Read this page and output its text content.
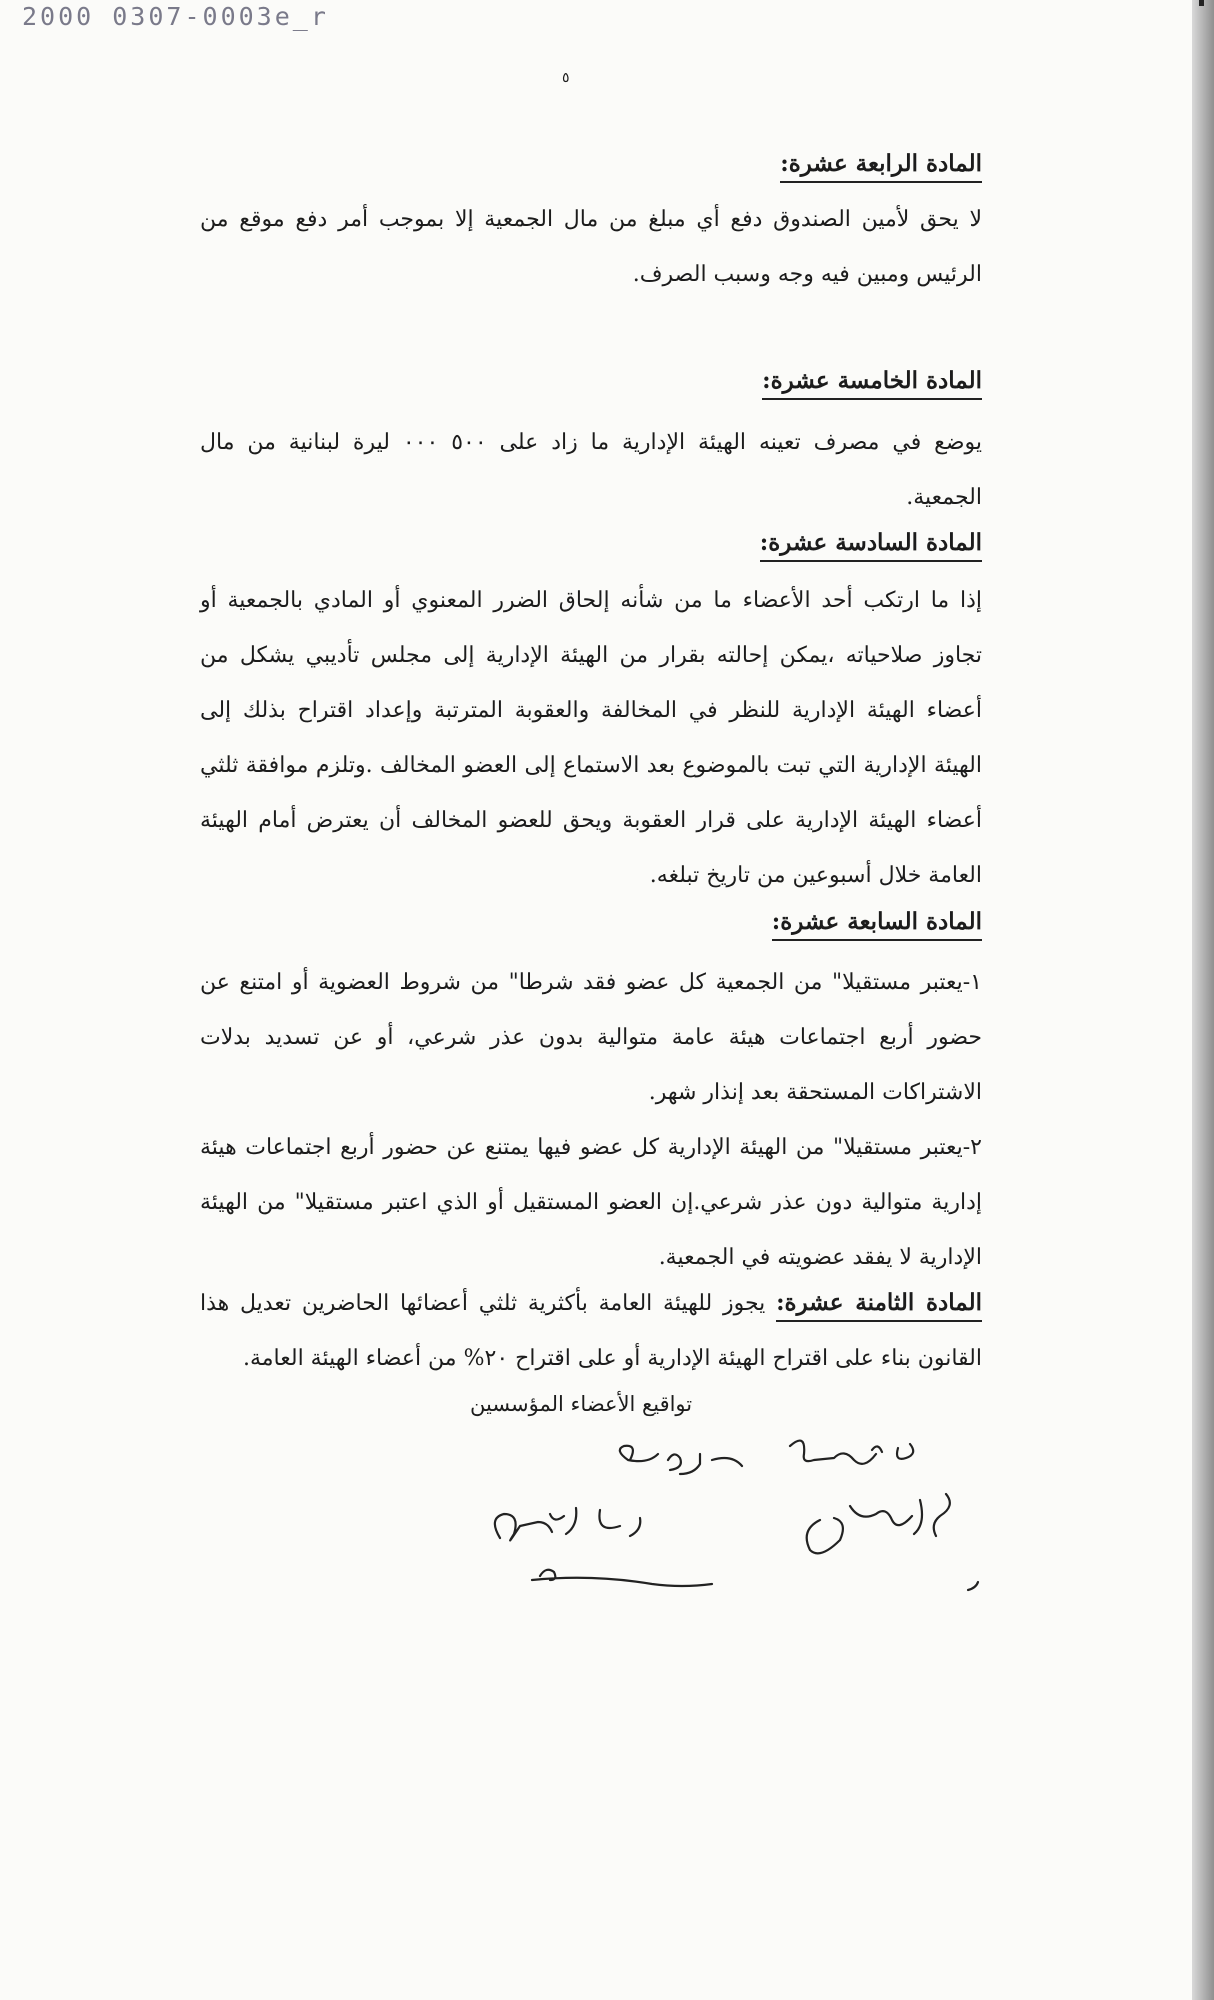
2000 0307-0003e_r
٥
المادة الرابعة عشرة:

لا يحق لأمين الصندوق دفع أي مبلغ من مال الجمعية إلا بموجب أمر دفع موقع من الرئيس ومبين فيه وجه وسبب الصرف.

المادة الخامسة عشرة:

يوضع في مصرف تعينه الهيئة الإدارية ما زاد على ٥٠٠ ٠٠٠ ليرة لبنانية من مال الجمعية.

المادة السادسة عشرة:

إذا ما ارتكب أحد الأعضاء ما من شأنه إلحاق الضرر المعنوي أو المادي بالجمعية أو تجاوز صلاحياته ،يمكن إحالته بقرار من الهيئة الإدارية إلى مجلس تأديبي يشكل من أعضاء الهيئة الإدارية للنظر في المخالفة والعقوبة المترتبة وإعداد اقتراح بذلك إلى الهيئة الإدارية التي تبت بالموضوع بعد الاستماع إلى العضو المخالف .وتلزم موافقة ثلثي أعضاء الهيئة الإدارية على قرار العقوبة ويحق للعضو المخالف أن يعترض أمام الهيئة العامة خلال أسبوعين من تاريخ تبلغه.

المادة السابعة عشرة:

١-يعتبر مستقيلا" من الجمعية كل عضو فقد شرطا" من شروط العضوية أو امتنع عن حضور أربع اجتماعات هيئة عامة متوالية بدون عذر شرعي، أو عن تسديد بدلات الاشتراكات المستحقة بعد إنذار شهر.

٢-يعتبر مستقيلا" من الهيئة الإدارية كل عضو فيها يمتنع عن حضور أربع اجتماعات هيئة إدارية متوالية دون عذر شرعي.إن العضو المستقيل أو الذي اعتبر مستقيلا" من الهيئة الإدارية لا يفقد عضويته في الجمعية.

المادة الثامنة عشرة: يجوز للهيئة العامة بأكثرية ثلثي أعضائها الحاضرين تعديل هذا القانون بناء على اقتراح الهيئة الإدارية أو على اقتراح ٢٠% من أعضاء الهيئة العامة.

تواقيع الأعضاء المؤسسين
